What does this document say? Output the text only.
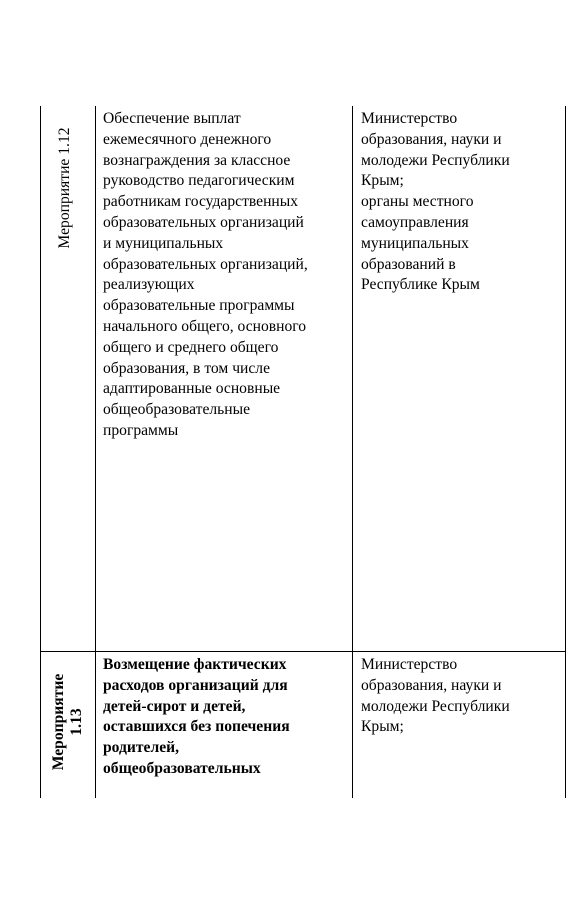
Мероприятие 1.12

Обеспечение выплат
ежемесячного денежного
вознаграждения за классное
руководство педагогическим
работникам государственных
образовательных организаций
и муниципальных
образовательных организаций,
реализующих
образовательные программы
начального общего, основного
общего и среднего общего
образования, в том числе
адаптированные основные
общеобразовательные
программы

Министерство
образования, науки и
молодежи Республики
Крым;
органы местного
самоуправления
муниципальных
образований в
Республике Крым

Мероприятие
1.13

Возмещение фактических
расходов организаций для
детей-сирот и детей,
оставшихся без попечения
родителей,
общеобразовательных

Министерство
образования, науки и
молодежи Республики
Крым;
